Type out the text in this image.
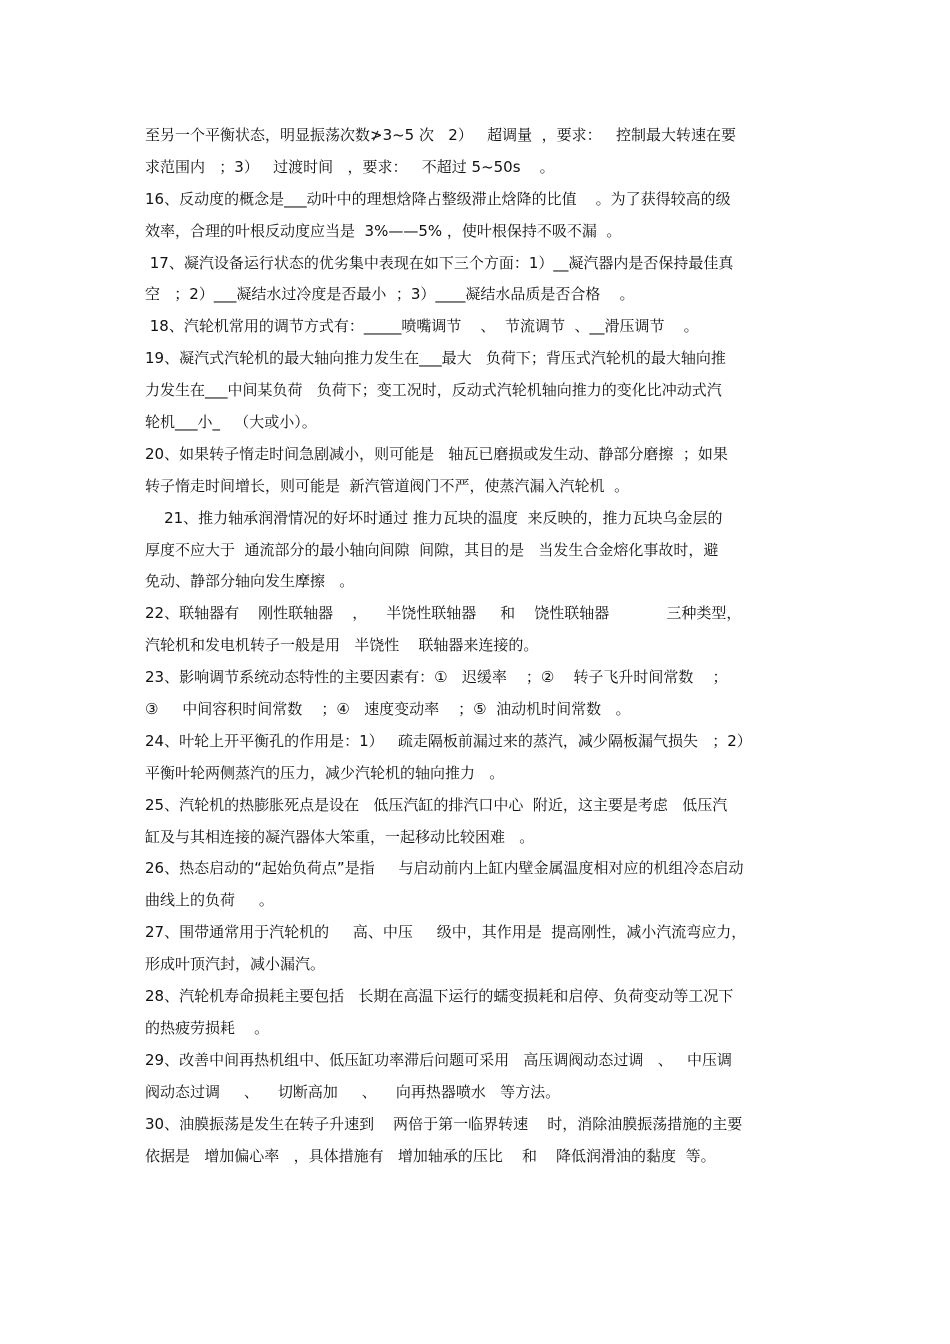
至另一个平衡状态，明显振荡次数≯3~5 次   2）   超调量  ，要求：   控制最大转速在要
求范围内   ；3）   过渡时间   ，要求：   不超过 5~50s    。
16、反动度的概念是___动叶中的理想焓降占整级滞止焓降的比值    。为了获得较高的级
效率，合理的叶根反动度应当是  3%——5% ，使叶根保持不吸不漏  。
17、凝汽设备运行状态的优劣集中表现在如下三个方面：1）__凝汽器内是否保持最佳真
空   ；2）___凝结水过冷度是否最小  ；3）____凝结水品质是否合格    。
18、汽轮机常用的调节方式有：_____喷嘴调节    、  节流调节  、__滑压调节    。
19、凝汽式汽轮机的最大轴向推力发生在___最大   负荷下；背压式汽轮机的最大轴向推
力发生在___中间某负荷   负荷下；变工况时，反动式汽轮机轴向推力的变化比冲动式汽
轮机___小_   （大或小）。
20、如果转子惰走时间急剧减小，则可能是   轴瓦已磨损或发生动、静部分磨擦  ；如果
转子惰走时间增长，则可能是  新汽管道阀门不严，使蒸汽漏入汽轮机  。
21、推力轴承润滑情况的好坏时通过 推力瓦块的温度  来反映的，推力瓦块乌金层的
厚度不应大于  通流部分的最小轴向间隙  间隙，其目的是   当发生合金熔化事故时，避
免动、静部分轴向发生摩擦   。
22、联轴器有    刚性联轴器    ，    半饶性联轴器     和    饶性联轴器            三种类型，
汽轮机和发电机转子一般是用   半饶性    联轴器来连接的。
23、影响调节系统动态特性的主要因素有：①   迟缓率    ；②    转子飞升时间常数    ；
③     中间容积时间常数    ；④   速度变动率    ；⑤  油动机时间常数   。
24、叶轮上开平衡孔的作用是：1）   疏走隔板前漏过来的蒸汽，减少隔板漏气损失   ；2）
平衡叶轮两侧蒸汽的压力，减少汽轮机的轴向推力   。
25、汽轮机的热膨胀死点是设在   低压汽缸的排汽口中心  附近，这主要是考虑   低压汽
缸及与其相连接的凝汽器体大笨重，一起移动比较困难   。
26、热态启动的“起始负荷点”是指     与启动前内上缸内壁金属温度相对应的机组冷态启动
曲线上的负荷     。
27、围带通常用于汽轮机的     高、中压     级中，其作用是  提高刚性，减小汽流弯应力，
形成叶顶汽封，减小漏汽。
28、汽轮机寿命损耗主要包括   长期在高温下运行的蠕变损耗和启停、负荷变动等工况下
的热疲劳损耗    。
29、改善中间再热机组中、低压缸功率滞后问题可采用   高压调阀动态过调   、   中压调
阀动态过调     、    切断高加     、    向再热器喷水   等方法。
30、油膜振荡是发生在转子升速到    两倍于第一临界转速    时，消除油膜振荡措施的主要
依据是   增加偏心率   ，具体措施有   增加轴承的压比    和    降低润滑油的黏度  等。
